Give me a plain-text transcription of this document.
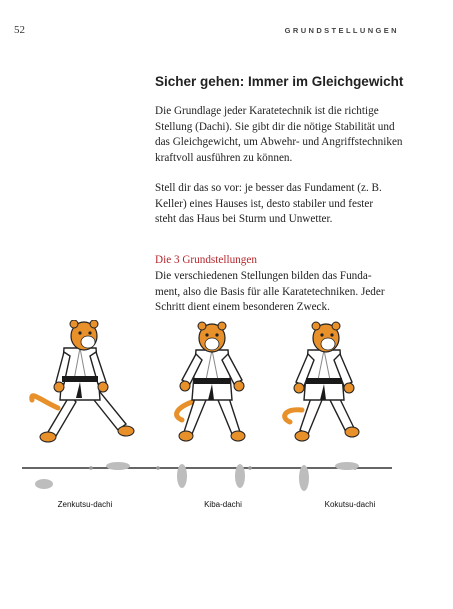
52	GRUNDSTELLUNGEN
Sicher gehen: Immer im Gleichgewicht
Die Grundlage jeder Karatetechnik ist die richtige
Stellung (Dachi). Sie gibt dir die nötige Stabilität und
das Gleichgewicht, um Abwehr- und Angriffstechniken
kraftvoll ausführen zu können.
Stell dir das so vor: je besser das Fundament (z. B.
Keller) eines Hauses ist, desto stabiler und fester
steht das Haus bei Sturm und Unwetter.
Die 3 Grundstellungen
Die verschiedenen Stellungen bilden das Funda-
ment, also die Basis für alle Karatetechniken. Jeder
Schritt dient einem besonderen Zweck.
Zenkutsu-dachi	Kiba-dachi	Kokutsu-dachi
